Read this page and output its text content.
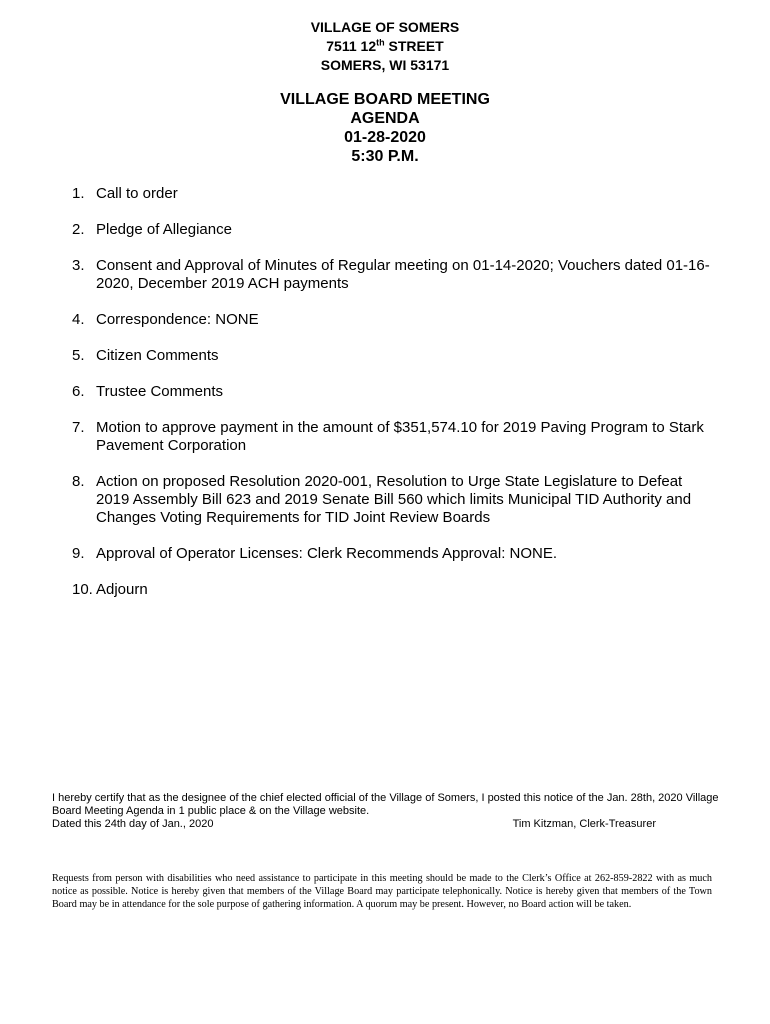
VILLAGE OF SOMERS
7511 12th STREET
SOMERS, WI 53171
VILLAGE BOARD MEETING
AGENDA
01-28-2020
5:30 P.M.
1. Call to order
2. Pledge of Allegiance
3. Consent and Approval of Minutes of Regular meeting on 01-14-2020; Vouchers dated 01-16-2020, December 2019 ACH payments
4. Correspondence: NONE
5. Citizen Comments
6. Trustee Comments
7. Motion to approve payment in the amount of $351,574.10 for 2019 Paving Program to Stark Pavement Corporation
8. Action on proposed Resolution 2020-001, Resolution to Urge State Legislature to Defeat 2019 Assembly Bill 623 and 2019 Senate Bill 560 which limits Municipal TID Authority and Changes Voting Requirements for TID Joint Review Boards
9. Approval of Operator Licenses: Clerk Recommends Approval: NONE.
10. Adjourn
I hereby certify that as the designee of the chief elected official of the Village of Somers, I posted this notice of the Jan. 28th, 2020 Village Board Meeting Agenda in 1 public place & on the Village website.
Dated this 24th day of Jan., 2020	Tim Kitzman, Clerk-Treasurer
Requests from person with disabilities who need assistance to participate in this meeting should be made to the Clerk’s Office at 262-859-2822 with as much notice as possible. Notice is hereby given that members of the Village Board may participate telephonically. Notice is hereby given that members of the Town Board may be in attendance for the sole purpose of gathering information. A quorum may be present. However, no Board action will be taken.
